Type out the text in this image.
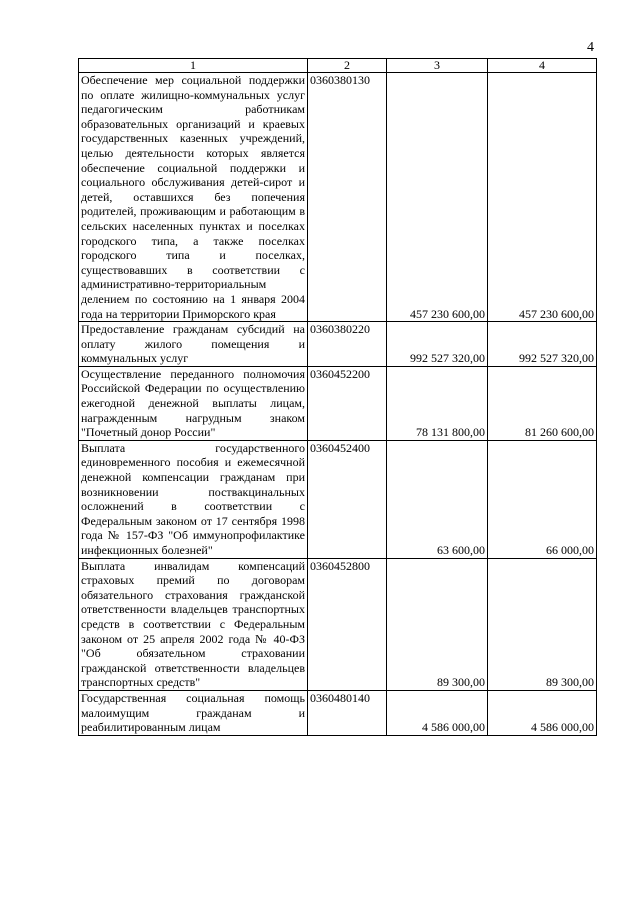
4
1	2	3	4
Обеспечение мер социальной поддержки по оплате жилищно-коммунальных услуг педагогическим работникам образовательных организаций и краевых государственных казенных учреждений, целью деятельности которых является обеспечение социальной поддержки и социального обслуживания детей-сирот и детей, оставшихся без попечения родителей, проживающим и работающим в сельских населенных пунктах и поселках городского типа, а также поселках городского типа и поселках, существовавших в соответствии с административно-территориальным делением по состоянию на 1 января 2004 года на территории Приморского края	0360380130	457 230 600,00	457 230 600,00
Предоставление гражданам субсидий на оплату жилого помещения и коммунальных услуг	0360380220	992 527 320,00	992 527 320,00
Осуществление переданного полномочия Российской Федерации по осуществлению ежегодной денежной выплаты лицам, награжденным нагрудным знаком "Почетный донор России"	0360452200	78 131 800,00	81 260 600,00
Выплата государственного единовременного пособия и ежемесячной денежной компенсации гражданам при возникновении поствакцинальных осложнений в соответствии с Федеральным законом от 17 сентября 1998 года № 157-ФЗ "Об иммунопрофилактике инфекционных болезней"	0360452400	63 600,00	66 000,00
Выплата инвалидам компенсаций страховых премий по договорам обязательного страхования гражданской ответственности владельцев транспортных средств в соответствии с Федеральным законом от 25 апреля 2002 года № 40-ФЗ "Об обязательном страховании гражданской ответственности владельцев транспортных средств"	0360452800	89 300,00	89 300,00
Государственная социальная помощь малоимущим гражданам и реабилитированным лицам	0360480140	4 586 000,00	4 586 000,00
